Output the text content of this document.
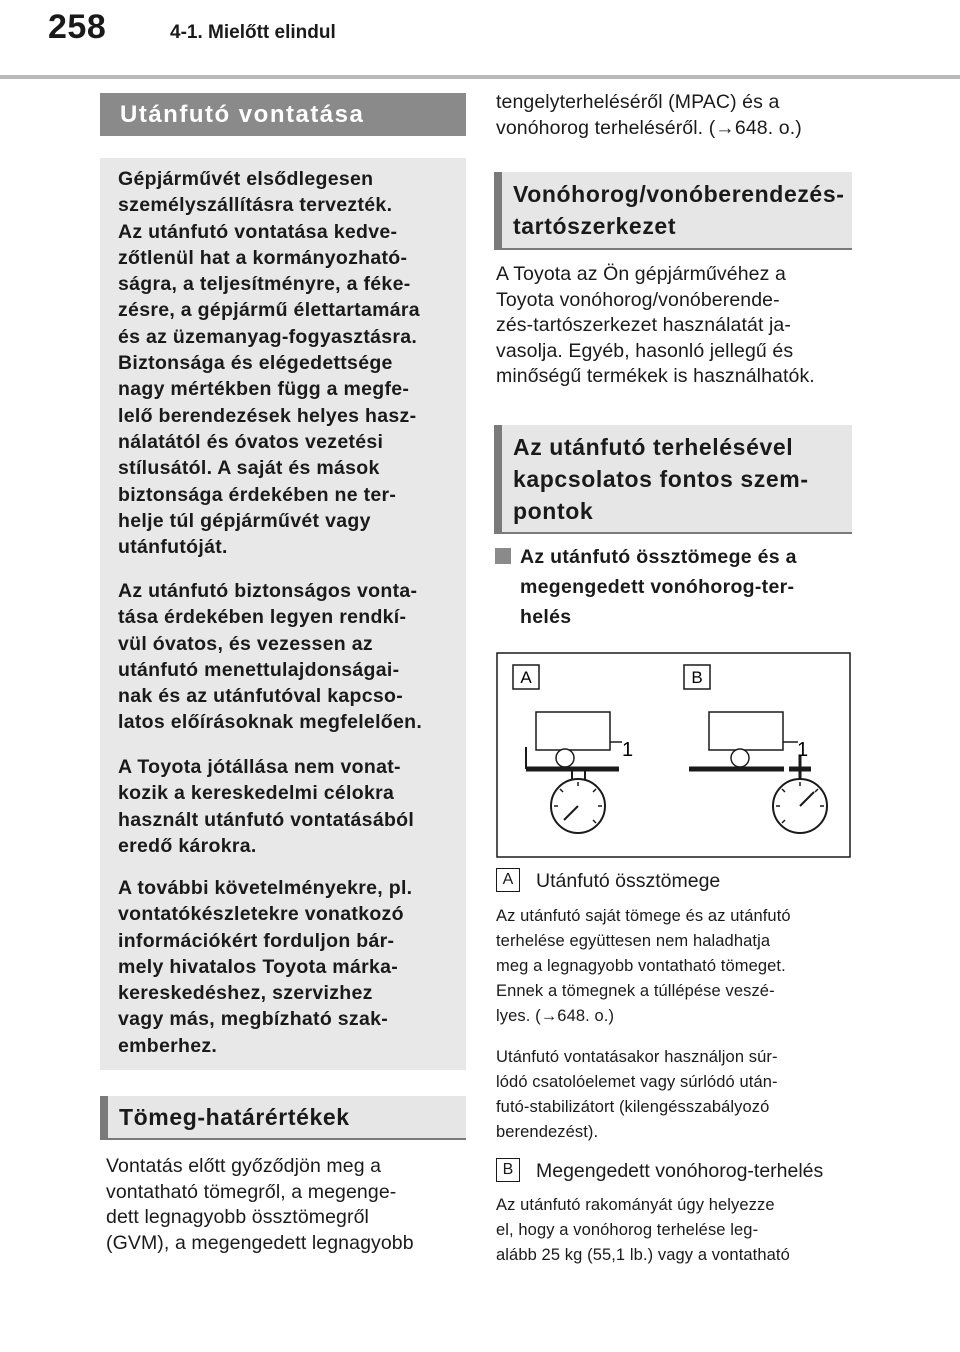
258	4-1. Mielőtt elindul
Utánfutó vontatása

Gépjárművét elsődlegesen
személyszállításra tervezték.
Az utánfutó vontatása kedve-
zőtlenül hat a kormányozható-
ságra, a teljesítményre, a féke-
zésre, a gépjármű élettartamára
és az üzemanyag-fogyasztásra.
Biztonsága és elégedettsége
nagy mértékben függ a megfe-
lelő berendezések helyes hasz-
nálatától és óvatos vezetési
stílusától. A saját és mások
biztonsága érdekében ne ter-
helje túl gépjárművét vagy
utánfutóját.

Az utánfutó biztonságos vonta-
tása érdekében legyen rendkí-
vül óvatos, és vezessen az
utánfutó menettulajdonságai-
nak és az utánfutóval kapcso-
latos előírásoknak megfelelően.

A Toyota jótállása nem vonat-
kozik a kereskedelmi célokra
használt utánfutó vontatásából
eredő károkra.

A további követelményekre, pl.
vontatókészletekre vonatkozó
információkért forduljon bár-
mely hivatalos Toyota márka-
kereskedéshez, szervizhez
vagy más, megbízható szak-
emberhez.

Tömeg-határértékek

Vontatás előtt győződjön meg a
vontatható tömegről, a megenge-
dett legnagyobb össztömegről
(GVM), a megengedett legnagyobb

tengelyterheléséről (MPAC) és a
vonóhorog terheléséről. (→648. o.)

Vonóhorog/vonóberendezés-
tartószerkezet

A Toyota az Ön gépjárművéhez a
Toyota vonóhorog/vonóberende-
zés-tartószerkezet használatát ja-
vasolja. Egyéb, hasonló jellegű és
minőségű termékek is használhatók.

Az utánfutó terhelésével
kapcsolatos fontos szem-
pontok

Az utánfutó össztömege és a
megengedett vonóhorog-ter-
helés

A	B
1	1
A	Utánfutó össztömege

Az utánfutó saját tömege és az utánfutó
terhelése együttesen nem haladhatja
meg a legnagyobb vontatható tömeget.
Ennek a tömegnek a túllépése veszé-
lyes. (→648. o.)

Utánfutó vontatásakor használjon súr-
lódó csatolóelemet vagy súrlódó után-
futó-stabilizátort (kilengésszabályozó
berendezést).

B	Megengedett vonóhorog-terhelés

Az utánfutó rakományát úgy helyezze
el, hogy a vonóhorog terhelése leg-
alább 25 kg (55,1 lb.) vagy a vontatható
